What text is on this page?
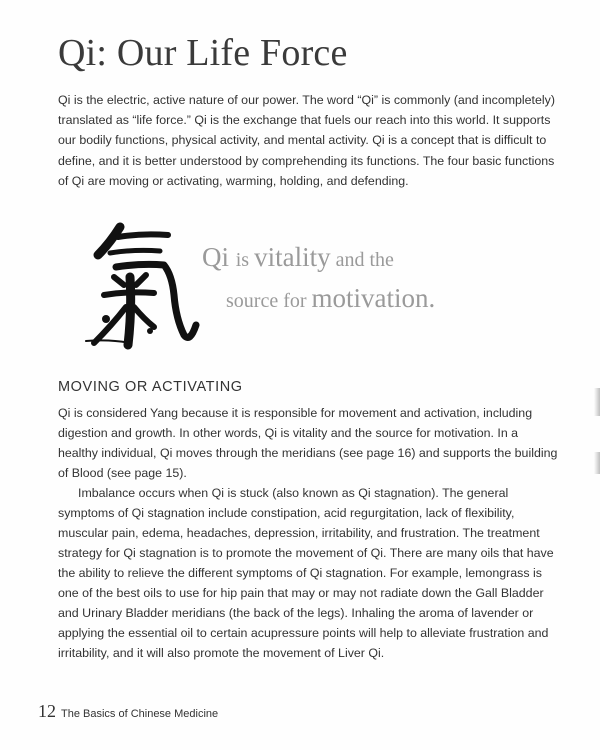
Qi: Our Life Force

Qi is the electric, active nature of our power. The word “Qi” is commonly (and incompletely) translated as “life force.” Qi is the exchange that fuels our reach into this world. It supports our bodily functions, physical activity, and mental activity. Qi is a concept that is difficult to define, and it is better understood by comprehending its functions. The four basic functions of Qi are moving or activating, warming, holding, and defending.

Qi is vitality and the
source for motivation.
MOVING OR ACTIVATING

Qi is considered Yang because it is responsible for movement and activation, including digestion and growth. In other words, Qi is vitality and the source for motivation. In a healthy individual, Qi moves through the meridians (see page 16) and supports the building of Blood (see page 15).

Imbalance occurs when Qi is stuck (also known as Qi stagnation). The general symptoms of Qi stagnation include constipation, acid regurgitation, lack of flexibility, muscular pain, edema, headaches, depression, irritability, and frustration. The treatment strategy for Qi stagnation is to promote the movement of Qi. There are many oils that have the ability to relieve the different symptoms of Qi stagnation. For example, lemongrass is one of the best oils to use for hip pain that may or may not radiate down the Gall Bladder and Urinary Bladder meridians (the back of the legs). Inhaling the aroma of lavender or applying the essential oil to certain acupressure points will help to alleviate frustration and irritability, and it will also promote the movement of Liver Qi.

12 The Basics of Chinese Medicine
